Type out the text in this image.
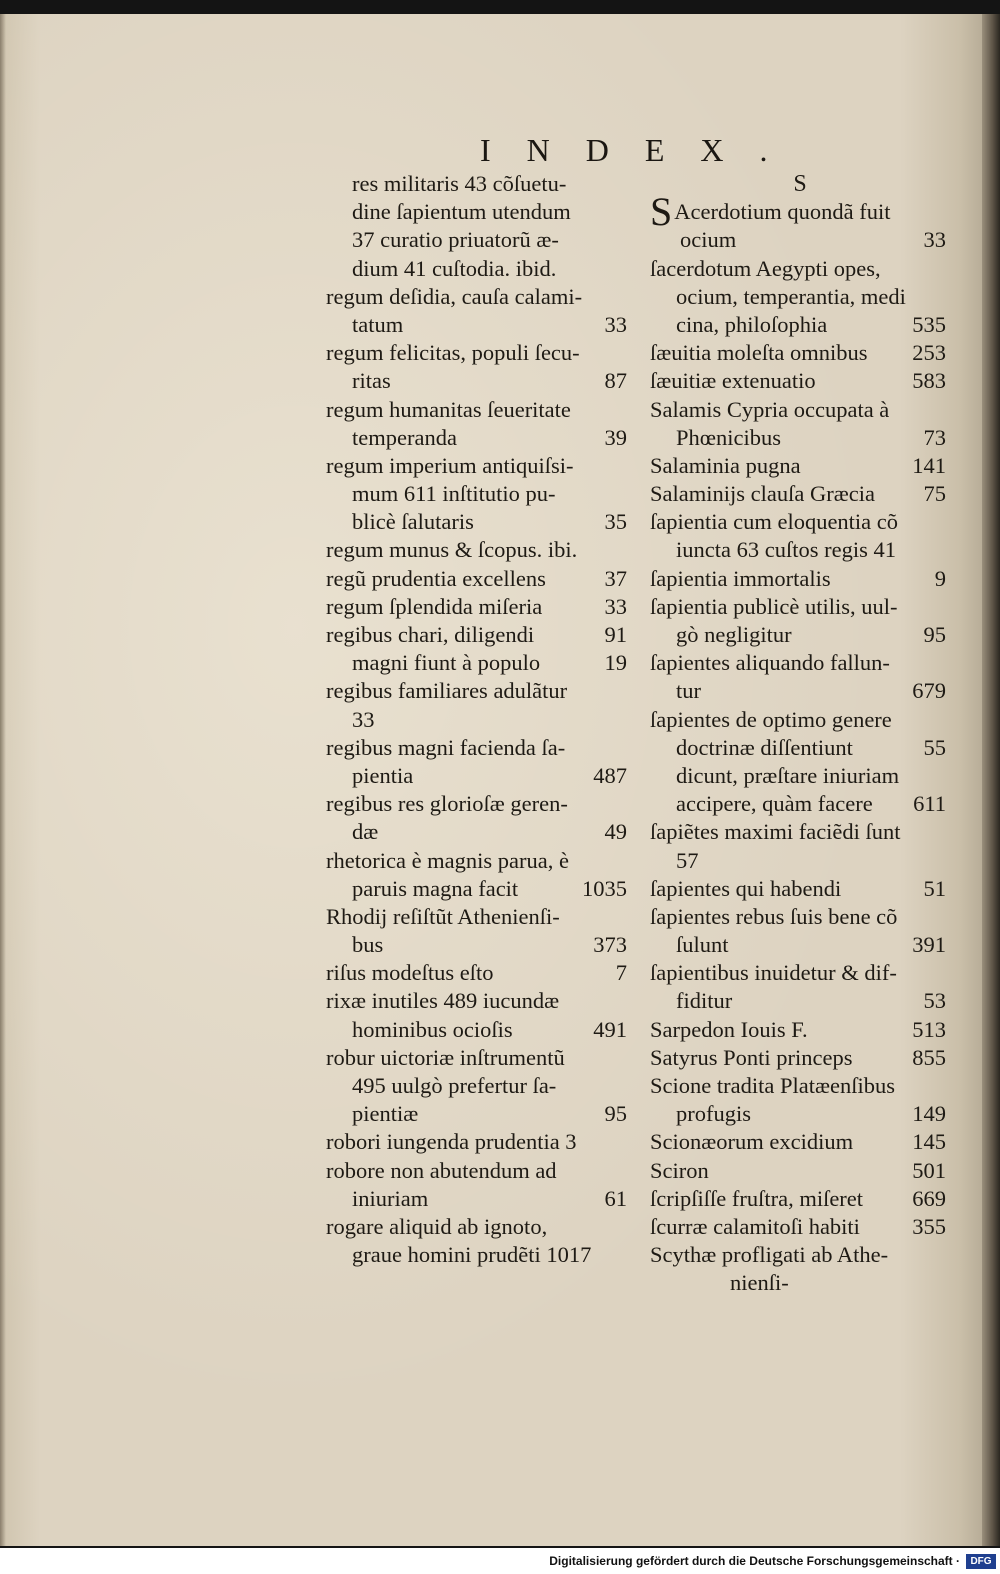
INDEX.
res militaris 43 cõſuetu-
dine ſapientum utendum
37 curatio priuatorũ æ-
dium 41 cuſtodia. ibid.
regum deſidia, cauſa calami-
33
tatum
regum felicitas, populi ſecu-
87
ritas
regum humanitas ſeueritate
39
temperanda
regum imperium antiquiſsi-
mum 611 inſtitutio pu-
35
blicè ſalutaris
regum munus & ſcopus. ibi.
37
regũ prudentia excellens
33
regum ſplendida miſeria
91
regibus chari, diligendi
19
magni fiunt à populo
regibus familiares adulãtur
33
regibus magni facienda ſa-
487
pientia
regibus res glorioſæ geren-
49
dæ
rhetorica è magnis parua, è
1035
paruis magna facit
Rhodij reſiſtũt Athenienſi-
373
bus
7
riſus modeſtus eſto
rixæ inutiles 489 iucundæ
491
hominibus ocioſis
robur uictoriæ inſtrumentũ
495 uulgò prefertur ſa-
95
pientiæ
robori iungenda prudentia 3
robore non abutendum ad
61
iniuriam
rogare aliquid ab ignoto,
graue homini prudẽti 1017
S
SAcerdotium quondã fuit
33
ocium
ſacerdotum Aegypti opes,
ocium, temperantia, medi
535
cina, philoſophia
253
ſæuitia moleſta omnibus
583
ſæuitiæ extenuatio
Salamis Cypria occupata à
73
Phœnicibus
141
Salaminia pugna
75
Salaminijs clauſa Græcia
ſapientia cum eloquentia cõ
iuncta 63 cuſtos regis 41
9
ſapientia immortalis
ſapientia publicè utilis, uul-
95
gò negligitur
ſapientes aliquando fallun-
679
tur
ſapientes de optimo genere
55
doctrinæ diſſentiunt
dicunt, præſtare iniuriam
611
accipere, quàm facere
ſapiẽtes maximi faciẽdi ſunt
57
51
ſapientes qui habendi
ſapientes rebus ſuis bene cõ
391
ſulunt
ſapientibus inuidetur & dif-
53
fiditur
513
Sarpedon Iouis F.
855
Satyrus Ponti princeps
Scione tradita Platæenſibus
149
profugis
145
Scionæorum excidium
501
Sciron
669
ſcripſiſſe fruſtra, miſeret
355
ſcurræ calamitoſi habiti
Scythæ profligati ab Athe-
nienſi-
Digitalisierung gefördert durch die Deutsche Forschungsgemeinschaft ·	DFG
